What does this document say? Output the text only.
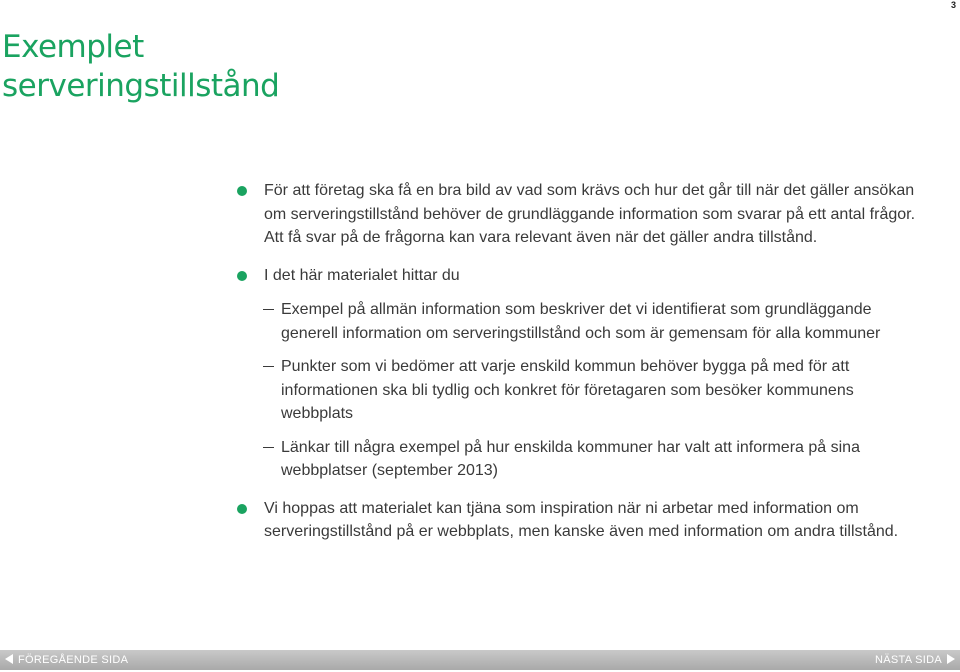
3
Exemplet
serveringstillstånd
För att företag ska få en bra bild av vad som krävs och hur det går till när det gäller ansökan om serveringstillstånd behöver de grundläggande information som svarar på ett antal frågor. Att få svar på de frågorna kan vara relevant även när det gäller andra tillstånd.
I det här materialet hittar du
Exempel på allmän information som beskriver det vi identifierat som grundläggande generell information om serveringstillstånd och som är gemensam för alla kommuner
Punkter som vi bedömer att varje enskild kommun behöver bygga på med för att informationen ska bli tydlig och konkret för företagaren som besöker kommunens webbplats
Länkar till några exempel på hur enskilda kommuner har valt att informera på sina webbplatser (september 2013)
Vi hoppas att materialet kan tjäna som inspiration när ni arbetar med information om serveringstillstånd på er webbplats, men kanske även med information om andra tillstånd.
FÖREGÅENDE SIDA	NÄSTA SIDA
